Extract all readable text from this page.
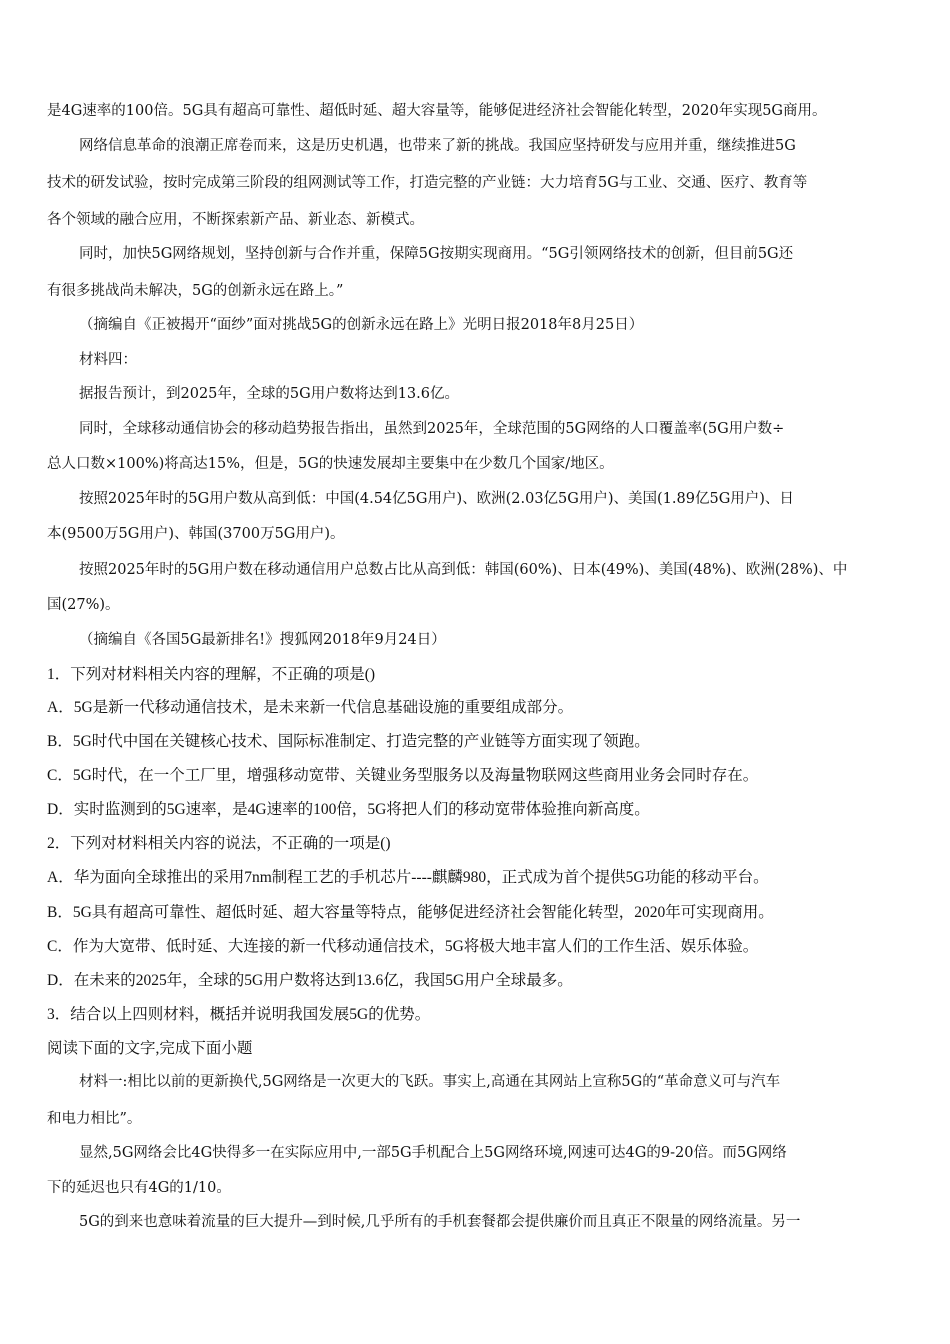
是4G速率的100倍。5G具有超高可靠性、超低时延、超大容量等，能够促进经济社会智能化转型，2020年实现5G商用。
网络信息革命的浪潮正席卷而来，这是历史机遇，也带来了新的挑战。我国应坚持研发与应用并重，继续推进5G
技术的研发试验，按时完成第三阶段的组网测试等工作，打造完整的产业链：大力培育5G与工业、交通、医疗、教育等
各个领域的融合应用，不断探索新产品、新业态、新模式。
同时，加快5G网络规划，坚持创新与合作并重，保障5G按期实现商用。“5G引领网络技术的创新，但目前5G还
有很多挑战尚未解决，5G的创新永远在路上。”
（摘编自《正被揭开“面纱”面对挑战5G的创新永远在路上》光明日报2018年8月25日）
材料四：
据报告预计，到2025年，全球的5G用户数将达到13.6亿。
同时，全球移动通信协会的移动趋势报告指出，虽然到2025年，全球范围的5G网络的人口覆盖率(5G用户数÷
总人口数×100%)将高达15%，但是，5G的快速发展却主要集中在少数几个国家/地区。
按照2025年时的5G用户数从高到低：中国(4.54亿5G用户)、欧洲(2.03亿5G用户)、美国(1.89亿5G用户)、日
本(9500万5G用户)、韩国(3700万5G用户)。
按照2025年时的5G用户数在移动通信用户总数占比从高到低：韩国(60%)、日本(49%)、美国(48%)、欧洲(28%)、中
国(27%)。
（摘编自《各国5G最新排名!》搜狐网2018年9月24日）
1．下列对材料相关内容的理解，不正确的项是()
A．5G是新一代移动通信技术，是未来新一代信息基础设施的重要组成部分。
B．5G时代中国在关键核心技术、国际标准制定、打造完整的产业链等方面实现了领跑。
C．5G时代，在一个工厂里，增强移动宽带、关键业务型服务以及海量物联网这些商用业务会同时存在。
D．实时监测到的5G速率，是4G速率的100倍，5G将把人们的移动宽带体验推向新高度。
2．下列对材料相关内容的说法，不正确的一项是()
A．华为面向全球推出的采用7nm制程工艺的手机芯片----麒麟980，正式成为首个提供5G功能的移动平台。
B．5G具有超高可靠性、超低时延、超大容量等特点，能够促进经济社会智能化转型，2020年可实现商用。
C．作为大宽带、低时延、大连接的新一代移动通信技术，5G将极大地丰富人们的工作生活、娱乐体验。
D．在未来的2025年，全球的5G用户数将达到13.6亿，我国5G用户全球最多。
3．结合以上四则材料，概括并说明我国发展5G的优势。
阅读下面的文字,完成下面小题
材料一:相比以前的更新换代,5G网络是一次更大的飞跃。事实上,高通在其网站上宣称5G的“革命意义可与汽车
和电力相比”。
显然,5G网络会比4G快得多一在实际应用中,一部5G手机配合上5G网络环境,网速可达4G的9-20倍。而5G网络
下的延迟也只有4G的1/10。
5G的到来也意味着流量的巨大提升—到时候,几乎所有的手机套餐都会提供廉价而且真正不限量的网络流量。另一
